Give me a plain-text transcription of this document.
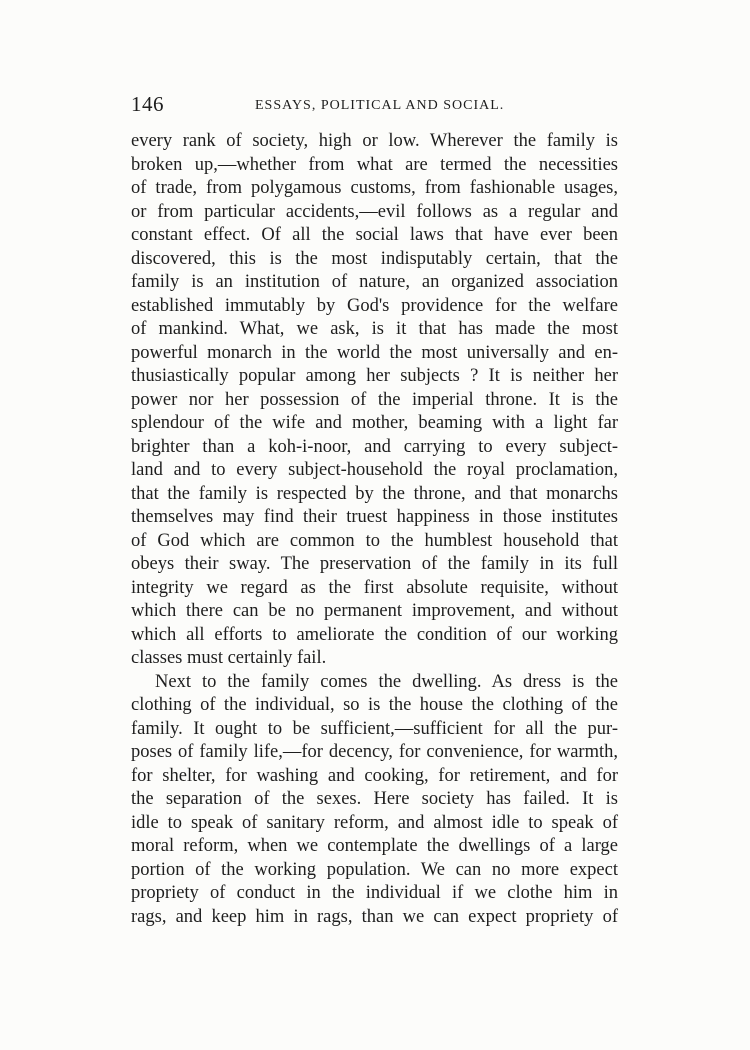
146	ESSAYS, POLITICAL AND SOCIAL.
every rank of society, high or low. Wherever the family is
broken up,—whether from what are termed the necessities
of trade, from polygamous customs, from fashionable usages,
or from particular accidents,—evil follows as a regular and
constant effect. Of all the social laws that have ever been
discovered, this is the most indisputably certain, that the
family is an institution of nature, an organized association
established immutably by God's providence for the welfare
of mankind. What, we ask, is it that has made the most
powerful monarch in the world the most universally and en-
thusiastically popular among her subjects ? It is neither her
power nor her possession of the imperial throne. It is the
splendour of the wife and mother, beaming with a light far
brighter than a koh-i-noor, and carrying to every subject-
land and to every subject-household the royal proclamation,
that the family is respected by the throne, and that monarchs
themselves may find their truest happiness in those institutes
of God which are common to the humblest household that
obeys their sway. The preservation of the family in its full
integrity we regard as the first absolute requisite, without
which there can be no permanent improvement, and without
which all efforts to ameliorate the condition of our working
classes must certainly fail.
Next to the family comes the dwelling. As dress is the
clothing of the individual, so is the house the clothing of the
family. It ought to be sufficient,—sufficient for all the pur-
poses of family life,—for decency, for convenience, for warmth,
for shelter, for washing and cooking, for retirement, and for
the separation of the sexes. Here society has failed. It is
idle to speak of sanitary reform, and almost idle to speak of
moral reform, when we contemplate the dwellings of a large
portion of the working population. We can no more expect
propriety of conduct in the individual if we clothe him in
rags, and keep him in rags, than we can expect propriety of
